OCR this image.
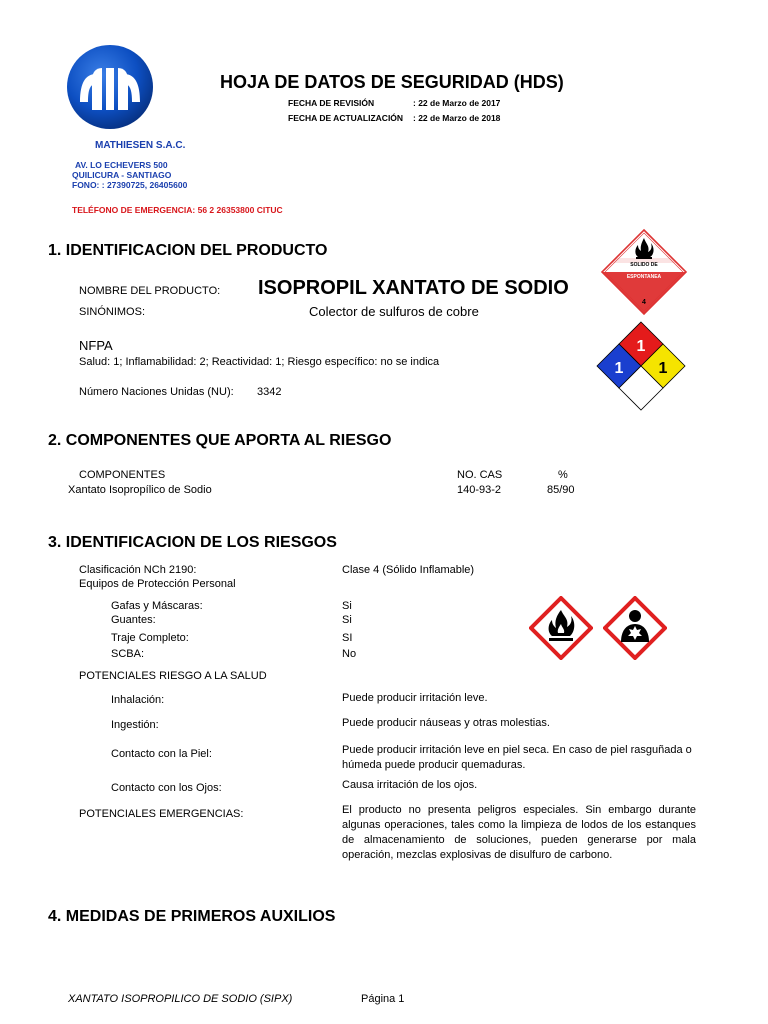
HOJA DE DATOS DE SEGURIDAD (HDS)
FECHA DE REVISIÓN	: 22 de Marzo de 2017
FECHA DE ACTUALIZACIÓN : 22 de Marzo de 2018
MATHIESEN S.A.C.
AV. LO ECHEVERS 500
QUILICURA - SANTIAGO
FONO: : 27390725, 26405600
TELÉFONO DE EMERGENCIA: 56 2 26353800 CITUC
1. IDENTIFICACION DEL PRODUCTO
NOMBRE DEL PRODUCTO: ISOPROPIL XANTATO DE SODIO
SINÓNIMOS:	Colector de sulfuros de cobre
NFPA
Salud: 1; Inflamabilidad: 2; Reactividad: 1; Riesgo específico: no se indica
Número Naciones Unidas (NU): 3342
SOLIDO DE
COMBUSTION
ESPONTANEA
4
1
1 1
2. COMPONENTES QUE APORTA AL RIESGO
COMPONENTES	NO. CAS	%
Xantato Isopropílico de Sodio	140-93-2	85/90
3. IDENTIFICACION DE LOS RIESGOS
Clasificación NCh 2190:	Clase 4 (Sólido Inflamable)
Equipos de Protección Personal
Gafas y Máscaras:	Si
Guantes:	Si
Traje Completo:	SI
SCBA:	No
POTENCIALES RIESGO A LA SALUD
Inhalación:	Puede producir irritación leve.
Ingestión:	Puede producir náuseas y otras molestias.
Contacto con la Piel:	Puede producir irritación leve en piel seca. En caso de piel rasguñada o húmeda puede producir quemaduras.
Contacto con los Ojos:	Causa irritación de los ojos.
POTENCIALES EMERGENCIAS:	El producto no presenta peligros especiales. Sin embargo durante algunas operaciones, tales como la limpieza de lodos de los estanques de almacenamiento de soluciones, pueden generarse por mala operación, mezclas explosivas de disulfuro de carbono.
4. MEDIDAS DE PRIMEROS AUXILIOS
XANTATO ISOPROPILICO DE SODIO (SIPX)	Página 1
